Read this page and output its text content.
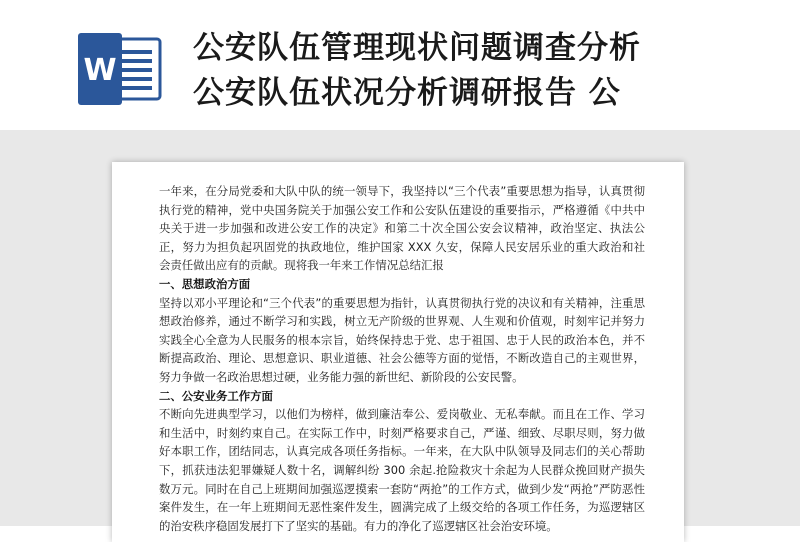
W
公安队伍管理现状问题调查分析
公安队伍状况分析调研报告 公

一年来，在分局党委和大队中队的统一领导下，我坚持以“三个代表”重要思想为指导，认真贯彻执行党的精神，党中央国务院关于加强公安工作和公安队伍建设的重要指示，严格遵循《中共中央关于进一步加强和改进公安工作的决定》和第二十次全国公安会议精神，政治坚定、执法公正，努力为担负起巩固党的执政地位，维护国家 XXX 久安，保障人民安居乐业的重大政治和社会责任做出应有的贡献。现将我一年来工作情况总结汇报

一、思想政治方面

坚持以邓小平理论和“三个代表”的重要思想为指针，认真贯彻执行党的决议和有关精神，注重思想政治修养，通过不断学习和实践，树立无产阶级的世界观、人生观和价值观，时刻牢记并努力实践全心全意为人民服务的根本宗旨，始终保持忠于党、忠于祖国、忠于人民的政治本色，并不断提高政治、理论、思想意识、职业道德、社会公德等方面的觉悟，不断改造自己的主观世界，努力争做一名政治思想过硬，业务能力强的新世纪、新阶段的公安民警。

二、公安业务工作方面

不断向先进典型学习，以他们为榜样，做到廉洁奉公、爱岗敬业、无私奉献。而且在工作、学习和生活中，时刻约束自己。在实际工作中，时刻严格要求自己，严谨、细致、尽职尽则，努力做好本职工作，团结同志，认真完成各项任务指标。一年来，在大队中队领导及同志们的关心帮助下，抓获违法犯罪嫌疑人数十名，调解纠纷 300 余起.抢险救灾十余起为人民群众挽回财产损失数万元。同时在自己上班期间加强巡逻摸索一套防“两抢”的工作方式，做到少发“两抢”严防恶性案件发生，在一年上班期间无恶性案件发生，圆满完成了上级交给的各项工作任务，为巡逻辖区的治安秩序稳固发展打下了坚实的基础。有力的净化了巡逻辖区社会治安环境。
